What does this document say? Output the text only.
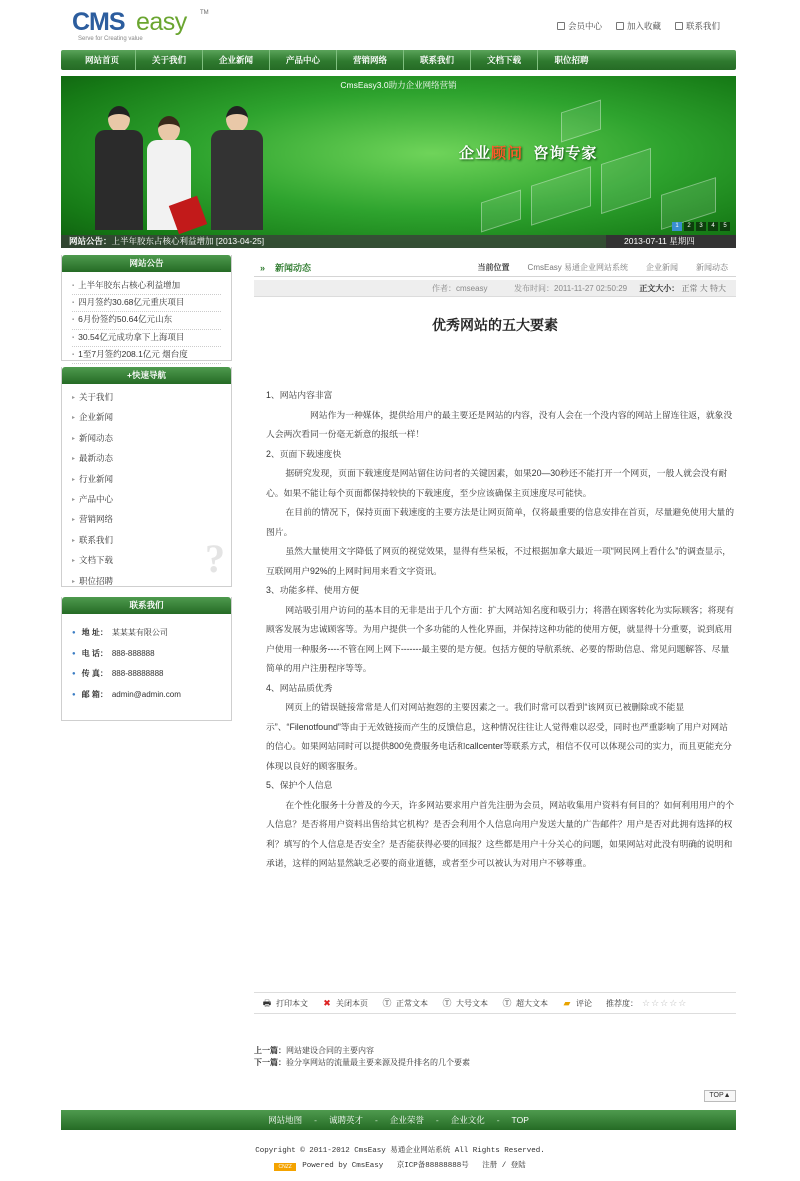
CMS easy TM
Serve for Creating value
会员中心	加入收藏	联系我们
网站首页	关于我们	企业新闻	产品中心	营销网络	联系我们	文档下载	职位招聘
CmsEasy3.0助力企业网络营销
企业顾问 咨询专家
1	2	3	4	5
网站公告：上半年胶东占核心利益增加 [2013-04-25]	2013-07-11 星期四
网站公告
▪ 上半年胶东占核心利益增加
▪ 四月签约30.68亿元重庆项目
▪ 6月份签约50.64亿元山东
▪ 30.54亿元成功拿下上海项目
▪ 1至7月签约208.1亿元 烟台度
+快速导航
▸ 关于我们
▸ 企业新闻
▸ 新闻动态
▸ 最新动态
▸ 行业新闻
▸ 产品中心
▸ 营销网络
▸ 联系我们
▸ 文档下载
▸ 职位招聘	?
联系我们
● 地 址： 某某某有限公司
● 电 话： 888-888888
● 传 真： 888-88888888
● 邮 箱： admin@admin.com
» 新闻动态	当前位置 CmsEasy 易通企业网站系统 企业新闻 新闻动态
作者：cmseasy	发布时间：2011-11-27 02:50:29 正文大小： 正常 大 特大
优秀网站的五大要素

1、网站内容非富

网站作为一种媒体，提供给用户的最主要还是网站的内容，没有人会在一个没内容的网站上留连往返，就象没人会两次看同一份毫无新意的报纸一样！

2、页面下载速度快

据研究发现，页面下载速度是网站留住访问者的关键因素，如果20—30秒还不能打开一个网页，一般人就会没有耐心。如果不能让每个页面都保持较快的下载速度，至少应该确保主页速度尽可能快。

在目前的情况下，保持页面下载速度的主要方法是让网页简单，仅将最重要的信息安排在首页，尽量避免使用大量的图片。

虽然大量使用文字降低了网页的视觉效果，显得有些呆板，不过根据加拿大最近一项“网民网上看什么”的调查显示，互联网用户92%的上网时间用来看文字资讯。

3、功能多样、使用方便

网站吸引用户访问的基本目的无非是出于几个方面：扩大网站知名度和吸引力；将潜在顾客转化为实际顾客；将现有顾客发展为忠诚顾客等。为用户提供一个多功能的人性化界面，并保持这种功能的使用方便，就显得十分重要，说到底用户使用一种服务----不管在网上网下-------最主要的是方便。包括方便的导航系统、必要的帮助信息、常见问题解答、尽量简单的用户注册程序等等。

4、网站品质优秀

网页上的错误链接常常是人们对网站抱怨的主要因素之一。我们时常可以看到“该网页已被删除或不能显示”、“Filenotfound”等由于无效链接而产生的反馈信息，这种情况往往让人觉得难以忍受，同时也严重影响了用户对网站的信心。如果网站同时可以提供800免费服务电话和callcenter等联系方式，相信不仅可以体现公司的实力，而且更能充分体现以良好的顾客服务。

5、保护个人信息

在个性化服务十分普及的今天，许多网站要求用户首先注册为会员，网站收集用户资料有何目的？如何利用用户的个人信息？是否将用户资料出售给其它机构？是否会利用个人信息向用户发送大量的广告邮件？用户是否对此拥有选择的权利？填写的个人信息是否安全？是否能获得必要的回报？这些都是用户十分关心的问题，如果网站对此没有明确的说明和承诺，这样的网站显然缺乏必要的商业道德，或者至少可以被认为对用户不够尊重。

🖶 打印本文 ✖ 关闭本页 Ⓣ 正常文本 Ⓣ 大号文本 Ⓣ 超大文本 ▰ 评论 推荐度： ☆☆☆☆☆
上一篇：网站建设合同的主要内容
下一篇：验分享网站的流量最主要来源及提升排名的几个要素
TOP▲
网站地图 - 诚聘英才 - 企业荣誉 - 企业文化 - TOP
Copyright © 2011-2012 CmsEasy 易通企业网站系统 All Rights Reserved.
CNZZ Powered by CmsEasy 京ICP备88888888号 注册 / 登陆
